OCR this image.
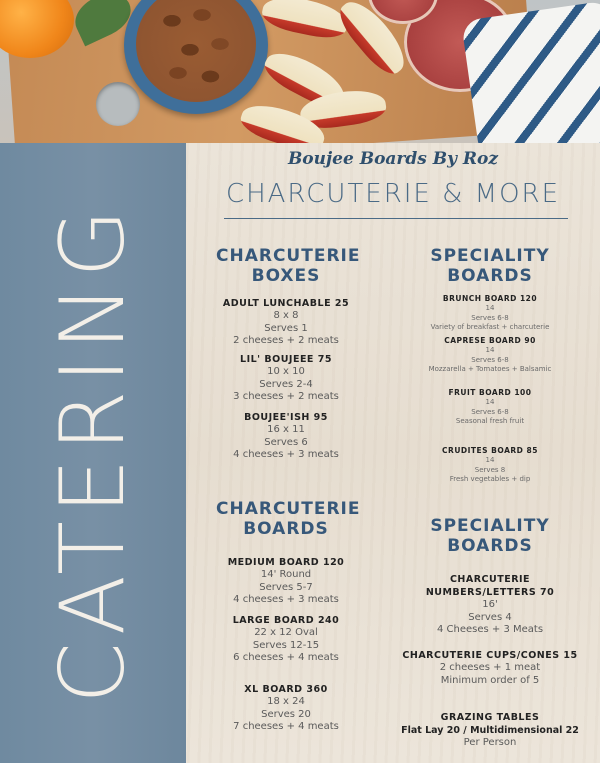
CATERING
Boujee Boards By Roz
CHARCUTERIE & MORE
CHARCUTERIE
BOXES
ADULT LUNCHABLE 25
8 x 8
Serves 1
2 cheeses + 2 meats
LIL' BOUJEEE 75
10 x 10
Serves 2-4
3 cheeses + 2 meats
BOUJEE'ISH 95
16 x 11
Serves 6
4 cheeses + 3 meats
SPECIALITY
BOARDS
BRUNCH BOARD 120
14
Serves 6-8
Variety of breakfast + charcuterie
CAPRESE BOARD 90
14
Serves 6-8
Mozzarella + Tomatoes + Balsamic
FRUIT BOARD 100
14
Serves 6-8
Seasonal fresh fruit
CRUDITES BOARD 85
14
Serves 8
Fresh vegetables + dip
CHARCUTERIE
BOARDS
MEDIUM BOARD 120
14' Round
Serves 5-7
4 cheeses + 3 meats
LARGE BOARD 240
22 x 12 Oval
Serves 12-15
6 cheeses + 4 meats
XL BOARD 360
18 x 24
Serves 20
7 cheeses + 4 meats
SPECIALITY
BOARDS
CHARCUTERIE
NUMBERS/LETTERS 70
16'
Serves 4
4 Cheeses + 3 Meats
CHARCUTERIE CUPS/CONES 15
2 cheeses + 1 meat
Minimum order of 5
GRAZING TABLES
Flat Lay 20 / Multidimensional 22
Per Person
